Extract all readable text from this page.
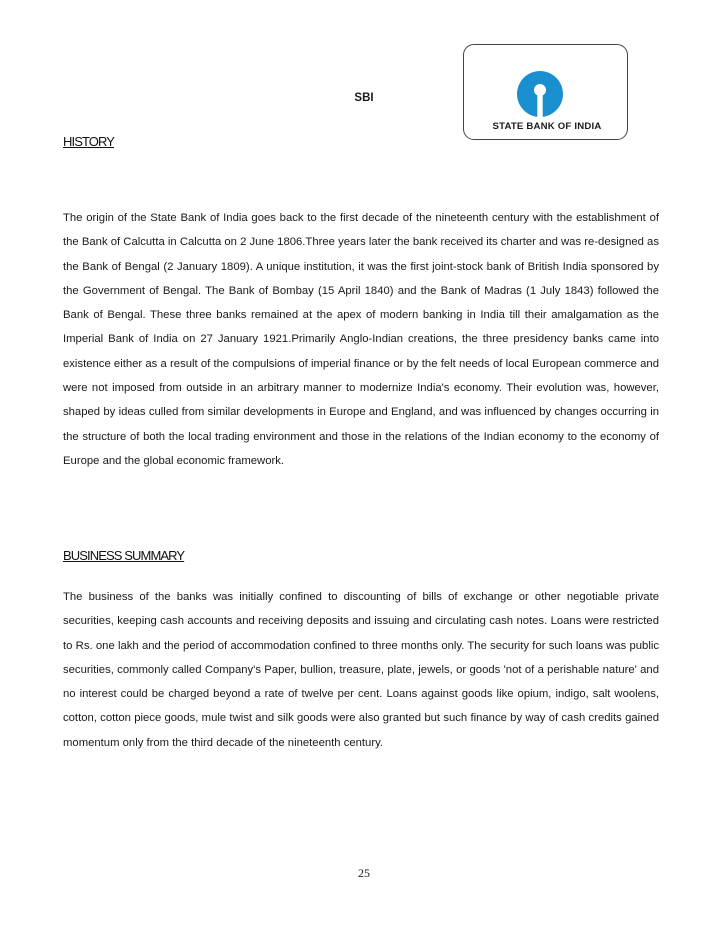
STATE BANK OF INDIA
SBI
HISTORY

The origin of the State Bank of India goes back to the first decade of the nineteenth century with the establishment of the Bank of Calcutta in Calcutta on 2 June 1806.Three years later the bank received its charter and was re-designed as the Bank of Bengal (2 January 1809). A unique institution, it was the first joint-stock bank of British India sponsored by the Government of Bengal. The Bank of Bombay (15 April 1840) and the Bank of Madras (1 July 1843) followed the Bank of Bengal. These three banks remained at the apex of modern banking in India till their amalgamation as the Imperial Bank of India on 27 January 1921.Primarily Anglo-Indian creations, the three presidency banks came into existence either as a result of the compulsions of imperial finance or by the felt needs of local European commerce and were not imposed from outside in an arbitrary manner to modernize India's economy. Their evolution was, however, shaped by ideas culled from similar developments in Europe and England, and was influenced by changes occurring in the structure of both the local trading environment and those in the relations of the Indian economy to the economy of Europe and the global economic framework.

BUSINESS SUMMARY

The business of the banks was initially confined to discounting of bills of exchange or other negotiable private securities, keeping cash accounts and receiving deposits and issuing and circulating cash notes. Loans were restricted to Rs. one lakh and the period of accommodation confined to three months only. The security for such loans was public securities, commonly called Company's Paper, bullion, treasure, plate, jewels, or goods 'not of a perishable nature' and no interest could be charged beyond a rate of twelve per cent. Loans against goods like opium, indigo, salt woolens, cotton, cotton piece goods, mule twist and silk goods were also granted but such finance by way of cash credits gained momentum only from the third decade of the nineteenth century.

25
